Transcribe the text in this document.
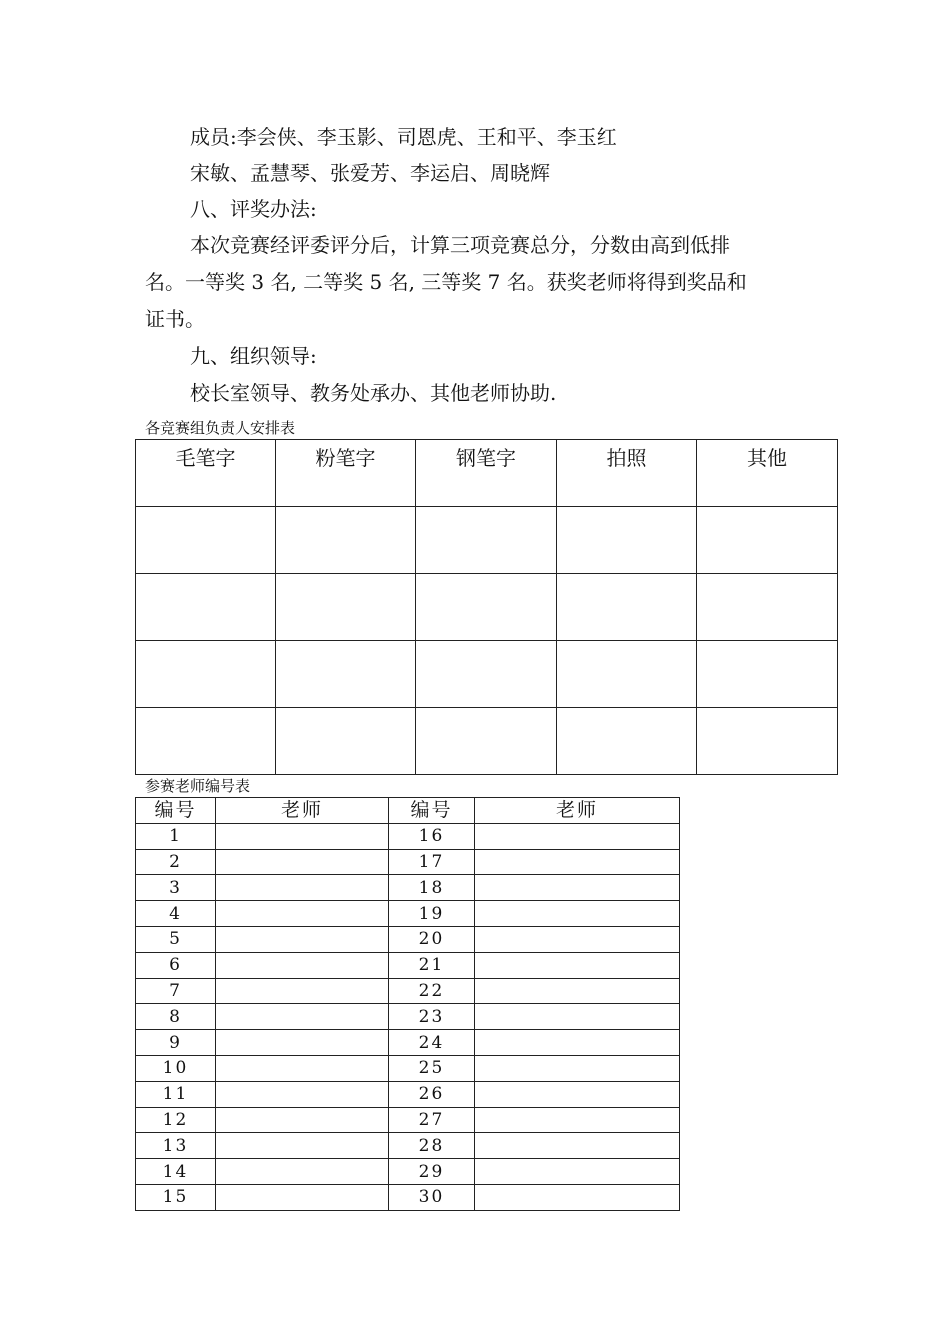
成员:李会侠、李玉影、司恩虎、王和平、李玉红
宋敏、孟慧琴、张爱芳、李运启、周晓辉
八、评奖办法:
本次竞赛经评委评分后，计算三项竞赛总分，分数由高到低排
名。一等奖 3 名, 二等奖 5 名, 三等奖 7 名。获奖老师将得到奖品和
证书。
九、组织领导:
校长室领导、教务处承办、其他老师协助.
各竞赛组负责人安排表
毛笔字	粉笔字	钢笔字	拍照	其他

参赛老师编号表
编号	老师	编号	老师
1		16	
2		17	
3		18	
4		19	
5		20	
6		21	
7		22	
8		23	
9		24	
10		25	
11		26	
12		27	
13		28	
14		29	
15		30	
